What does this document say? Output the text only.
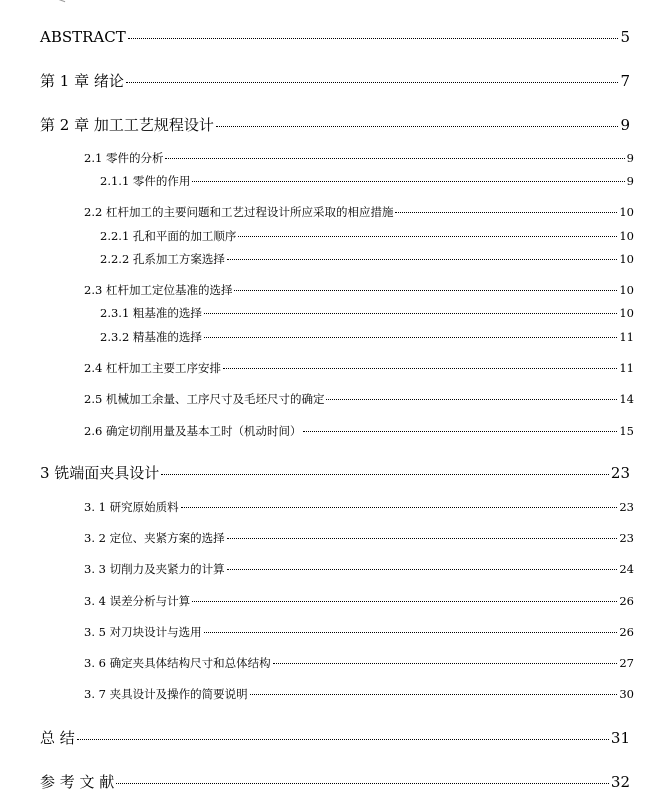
ABSTRACT	5
第 1 章 绪论	7
第 2 章 加工工艺规程设计	9
2.1 零件的分析	9
2.1.1 零件的作用	9
2.2 杠杆加工的主要问题和工艺过程设计所应采取的相应措施	10
2.2.1 孔和平面的加工顺序	10
2.2.2 孔系加工方案选择	10
2.3 杠杆加工定位基准的选择	10
2.3.1 粗基准的选择	10
2.3.2 精基准的选择	11
2.4 杠杆加工主要工序安排	11
2.5 机械加工余量、工序尺寸及毛坯尺寸的确定	14
2.6 确定切削用量及基本工时（机动时间）	15
3 铣端面夹具设计	23
3. 1 研究原始质料	23
3. 2 定位、夹紧方案的选择	23
3. 3 切削力及夹紧力的计算	24
3. 4 误差分析与计算	26
3. 5 对刀块设计与选用	26
3. 6 确定夹具体结构尺寸和总体结构	27
3. 7 夹具设计及操作的简要说明	30
总 结	31
参 考 文 献	32
